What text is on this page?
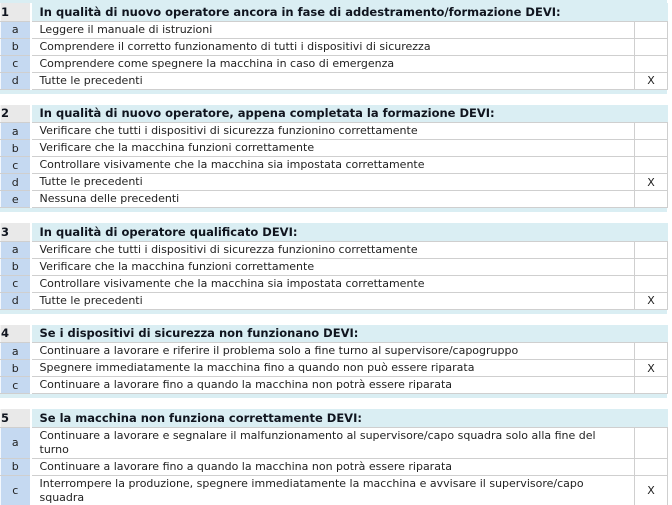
1	In qualità di nuovo operatore ancora in fase di addestramento/formazione DEVI:	
a	Leggere il manuale di istruzioni	
b	Comprendere il corretto funzionamento di tutti i dispositivi di sicurezza	
c	Comprendere come spegnere la macchina in caso di emergenza	
d	Tutte le precedenti	X
2	In qualità di nuovo operatore, appena completata la formazione DEVI:	
a	Verificare che tutti i dispositivi di sicurezza funzionino correttamente	
b	Verificare che la macchina funzioni correttamente	
c	Controllare visivamente che la macchina sia impostata correttamente	
d	Tutte le precedenti	X
e	Nessuna delle precedenti	
3	In qualità di operatore qualificato DEVI:	
a	Verificare che tutti i dispositivi di sicurezza funzionino correttamente	
b	Verificare che la macchina funzioni correttamente	
c	Controllare visivamente che la macchina sia impostata correttamente	
d	Tutte le precedenti	X
4	Se i dispositivi di sicurezza non funzionano DEVI:	
a	Continuare a lavorare e riferire il problema solo a fine turno al supervisore/capogruppo	
b	Spegnere immediatamente la macchina fino a quando non può essere riparata	X
c	Continuare a lavorare fino a quando la macchina non potrà essere riparata	
5	Se la macchina non funziona correttamente DEVI:	
a	Continuare a lavorare e segnalare il malfunzionamento al supervisore/capo squadra solo alla fine del turno	
b	Continuare a lavorare fino a quando la macchina non potrà essere riparata	
c	Interrompere la produzione, spegnere immediatamente la macchina e avvisare il supervisore/capo squadra	X
